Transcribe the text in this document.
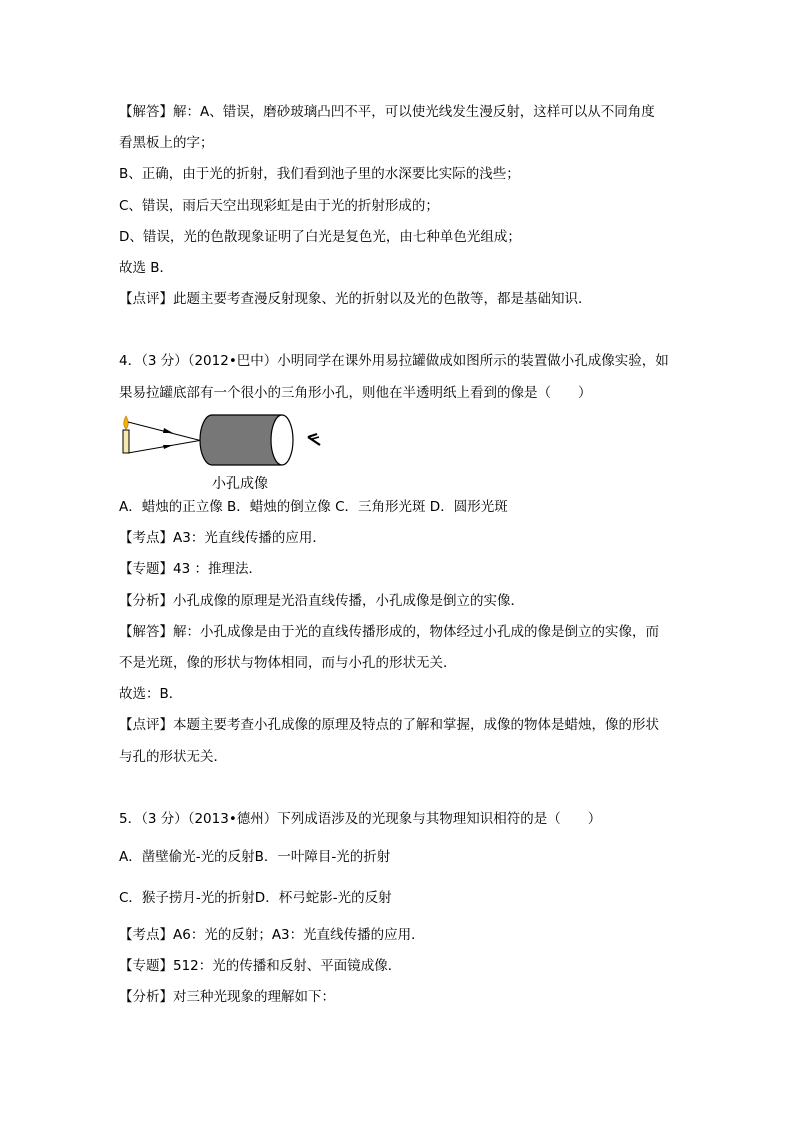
【解答】解：A、错误，磨砂玻璃凸凹不平，可以使光线发生漫反射，这样可以从不同角度
看黑板上的字；
B、正确，由于光的折射，我们看到池子里的水深要比实际的浅些；
C、错误，雨后天空出现彩虹是由于光的折射形成的；
D、错误，光的色散现象证明了白光是复色光，由七种单色光组成；
故选 B．
【点评】此题主要考查漫反射现象、光的折射以及光的色散等，都是基础知识．
4．（3 分）（2012•巴中）小明同学在课外用易拉罐做成如图所示的装置做小孔成像实验，如
果易拉罐底部有一个很小的三角形小孔，则他在半透明纸上看到的像是（　　）
小孔成像
A．蜡烛的正立像 B．蜡烛的倒立像 C．三角形光斑 D．圆形光斑
【考点】A3：光直线传播的应用．
【专题】43 ：推理法．
【分析】小孔成像的原理是光沿直线传播，小孔成像是倒立的实像．
【解答】解：小孔成像是由于光的直线传播形成的，物体经过小孔成的像是倒立的实像，而
不是光斑，像的形状与物体相同，而与小孔的形状无关．
故选：B．
【点评】本题主要考查小孔成像的原理及特点的了解和掌握，成像的物体是蜡烛，像的形状
与孔的形状无关．
5．（3 分）（2013•德州）下列成语涉及的光现象与其物理知识相符的是（　　）
A．凿壁偷光-光的反射B．一叶障目-光的折射
C．猴子捞月-光的折射D．杯弓蛇影-光的反射
【考点】A6：光的反射；A3：光直线传播的应用．
【专题】512：光的传播和反射、平面镜成像．
【分析】对三种光现象的理解如下：
